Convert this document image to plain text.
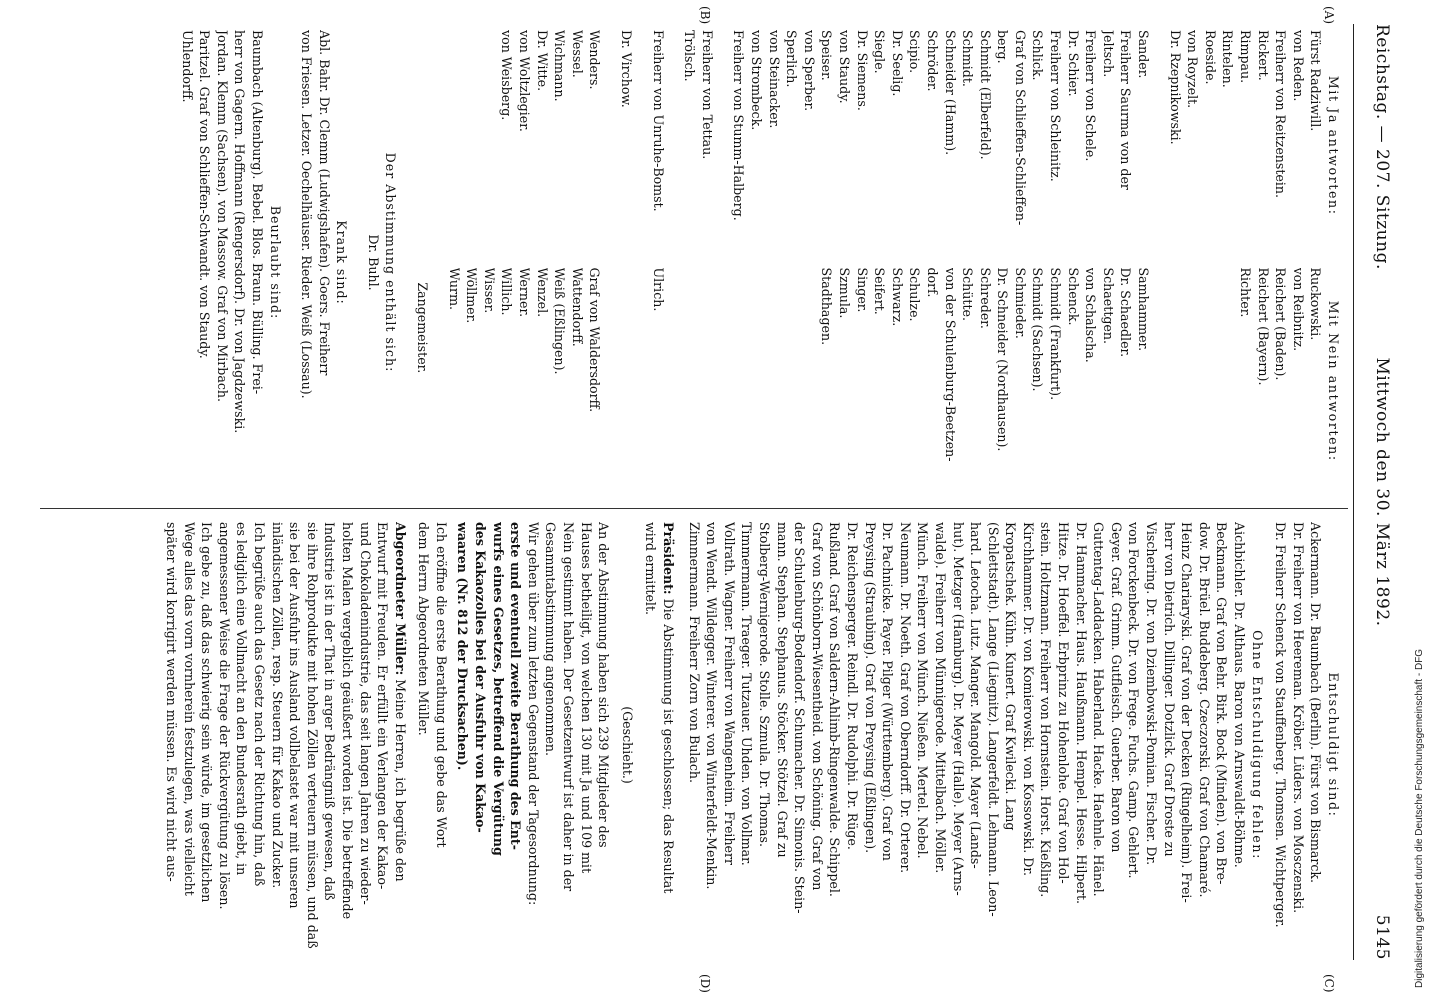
Reichstag. — 207. Sitzung.
Mittwoch den 30. März 1892.
5145
(A)
(B)
(C)
(D)
Mit Ja antworten:
Mit Nein antworten:
Fürst Radziwill.
von Reden.
Freiherr von Reitzenstein.
Rickert.
Rimpau.
Rintelen.
Roeside.
von Royzelt.
Dr. Rzepnikowski.
Ruckowski.
von Reibnitz.
Reichert (Baden).
Reichert (Bayern).
Richter.
Sander.
Freiherr Saurma von der
Jeltsch.
Freiherr von Schele.
Dr. Schier.
Freiherr von Schleinitz.
Schlick.
Graf von Schlieffen-Schlieffen-
berg.
Schmidt (Elberfeld).
Schmidt.
Schneider (Hamm).
Schröder.
Scipio.
Dr. Seelig.
Siegle.
Dr. Siemens.
von Staudy.
Speiser.
von Sperber.
Sperlich.
von Steinacker.
von Strombeck.
Freiherr von Stumm-Halberg.
Samhammer.
Dr. Schaedler.
Schaettgen.
von Schalscha.
Schenck.
Schmidt (Frankfurt).
Schmidt (Sachsen).
Schmieder.
Dr. Schneider (Nordhausen).
Schreder.
Schütte.
von der Schulenburg-Beetzen-
dorf.
Schulze.
Schwarz.
Seifert.
Singer.
Szmula.
Stadthagen.
Freiherr von Tettau.
Trölsch.
Freiherr von Unruhe-Bomst.
Ulrich.
Dr. Virchow.
Wenders.
Wessel.
Wichmann.
Dr. Witte.
von Woltzlegier.
von Weisberg.
Graf von Waldersdorff.
Wattendorff.
Weiß (Eßlingen).
Wenzel.
Werner.
Willich.
Wisser.
Wöllmer.
Wurm.
Zangemeister.
Der Abstimmung enthält sich:
Dr. Buhl.
Krank sind:
Abl. Bahr. Dr. Clemm (Ludwigshafen). Goers. Freiherr
von Friesen. Letzer. Oechelhäuser. Rieder. Weiß (Lossau).
Beurlaubt sind:
Baumbach (Altenburg). Bebel. Blos. Braun. Bülling. Frei-
herr von Gagern. Hoffmann (Rengersdorf). Dr. von Jagdzewski.
Jordan. Klemm (Sachsen). von Massow. Graf von Mirbach.
Paritzel. Graf von Schlieffen-Schwandt. von Staudy.
Uhlendorff.
Entschuldigt sind:
Ackermann. Dr. Baumbach (Berlin). Fürst von Bismarck.
Dr. Freiherr von Heereman. Kröber. Lüders. von Mosczenski.
Dr. Freiherr Schenck von Stauffenberg. Thomsen. Wichtperger.
Ohne Entschuldigung fehlen:
Aichbichler. Dr. Althaus. Baron von Arnswaldt-Böhme.
Beckmann. Graf von Behr. Birk. Bock (Minden). von Bre-
dow. Dr. Brüel. Buddeberg. Czeczorski. Graf von Chamaré.
Heinz Chariaryski. Graf von der Decken (Ringelheim). Frei-
herr von Dietrich. Dillinger. Dotzlick. Graf Droste zu
Vischering. Dr. von Dziembowski-Pomian. Fischer. Dr.
von Forckenbeck. Dr. von Frege. Fuchs. Gamp. Gehlert.
Geyer. Graf. Grimm. Gutfleisch. Guerber. Baron von
Guttentag-Laddacken. Haberland. Hacke. Haehnle. Hänel.
Dr. Hammacher. Haus. Haußmann. Hempel. Hesse. Hilpert.
Hitze. Dr. Hoeffel. Erbprinz zu Hohenlohe. Graf von Hol-
stein. Holtzmann. Freiherr von Hornstein. Horst. Kießling.
Kirchhammer. Dr. von Komierowski. von Kossowski. Dr.
Kropatschek. Kühn. Kunert. Graf Kwilecki. Lang
(Schlettstadt). Lange (Liegnitz). Langerfeldt. Lehmann. Leon-
hard. Letocha. Lutz. Manger. Mangold. Mayer (Lands-
hut). Metzger (Hamburg). Dr. Meyer (Halle). Meyer (Arns-
walde). Freiherr von Münnigerode. Mittelbach. Möller.
Münch. Freiherr von Münch. Nießen. Mertel. Nebel.
Neumann. Dr. Noeth. Graf von Oberndorff. Dr. Orterer.
Dr. Pachnicke. Payer. Pilger (Württemberg). Graf von
Preysing (Straubing). Graf von Preysing (Eßlingen).
Dr. Reichensperger. Reindl. Dr. Rudolphi. Dr. Rüge.
Rußland. Graf von Saldern-Ahlimb-Ringenwalde. Schippel.
Graf von Schönborn-Wiesentheid. von Schöning. Graf von
der Schulenburg-Bodendorf. Schumacher. Dr. Simonis. Stein-
mann. Stephan. Stephanus. Stöcker. Stötzel. Graf zu
Stolberg-Wernigerode. Stolle. Szmula. Dr. Thomas.
Timmermann. Traeger. Tutzauer. Uhden. von Vollmar.
Vollrath. Wagner. Freiherr von Wangenheim. Freiherr
von Wendt. Wildegger. Winterer. von Winterfeldt-Menkin.
Zimmermann. Freiherr Zorn von Bulach.
Präsident: Die Abstimmung ist geschlossen; das Resultat
wird ermittelt.
(Geschieht.)
An der Abstimmung haben sich 239 Mitglieder des
Hauses betheiligt, von welchen 130 mit Ja und 109 mit
Nein gestimmt haben. Der Gesetzentwurf ist daher in der
Gesammtabstimmung angenommen.
Wir gehen über zum letzten Gegenstand der Tagesordnung:
erste und eventuell zweite Berathung des Ent-
wurfs eines Gesetzes, betreffend die Vergütung
des Kakaozolles bei der Ausfuhr von Kakao-
waaren (Nr. 812 der Drucksachen).
Ich eröffne die erste Berathung und gebe das Wort
dem Herrn Abgeordneten Müller.
Abgeordneter Müller: Meine Herren, ich begrüße den
Entwurf mit Freuden. Er erfüllt ein Verlangen der Kakao-
und Chokoladenindustrie, das seit langen Jahren zu wieder-
holten Malen vergeblich geäußert worden ist. Die betreffende
Industrie ist in der That in arger Bedrängniß gewesen, daß
sie ihre Rohprodukte mit hohen Zöllen verteuern müssen, und daß
sie bei der Ausfuhr ins Ausland vollbelastet war mit unseren
inländischen Zöllen, resp. Steuern für Kakao und Zucker.
Ich begrüße auch das Gesetz nach der Richtung hin, daß
es lediglich eine Vollmacht an den Bundesrath giebt, in
angemessener Weise die Frage der Rückvergütung zu lösen.
Ich gebe zu, daß das schwierig sein würde, im gesetzlichen
Wege alles das vorn vornherein festzulegen, was vielleicht
später wird korrigirt werden müssen. Es wird nicht aus-	Digitalisierung gefördert durch die Deutsche Forschungsgemeinschaft - DFG
